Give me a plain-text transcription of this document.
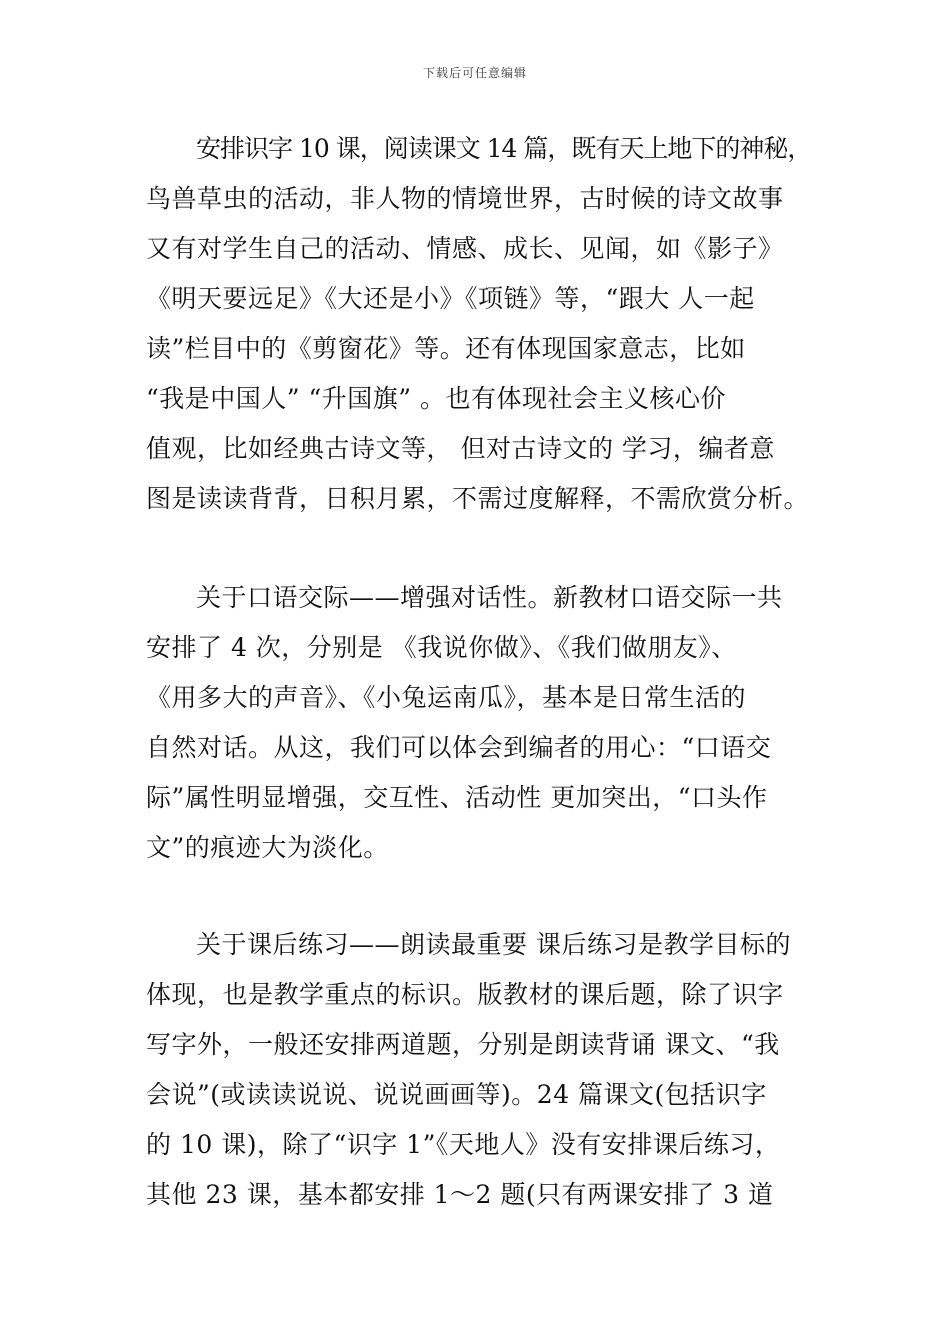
下载后可任意编辑
安排识字 10 课，阅读课文 14 篇，既有天上地下的神秘，
鸟兽草虫的活动，非人物的情境世界，古时候的诗文故事
又有对学生自己的活动、情感、成长、见闻，如《影子》
《明天要远足》《大还是小》《项链》等，“跟大 人一起
读”栏目中的《剪窗花》等。还有体现国家意志，比如
“我是中国人” “升国旗” 。也有体现社会主义核心价
值观，比如经典古诗文等， 但对古诗文的 学习，编者意
图是读读背背，日积月累，不需过度解释，不需欣赏分析。
关于口语交际——增强对话性。新教材口语交际一共
安排了 4 次，分别是 《我说你做》、《我们做朋友》、
《用多大的声音》、《小兔运南瓜》，基本是日常生活的
自然对话。从这，我们可以体会到编者的用心：“口语交
际”属性明显增强，交互性、活动性 更加突出，“口头作
文”的痕迹大为淡化。
关于课后练习——朗读最重要 课后练习是教学目标的
体现，也是教学重点的标识。版教材的课后题，除了识字
写字外，一般还安排两道题，分别是朗读背诵 课文、“我
会说”(或读读说说、说说画画等)。24 篇课文(包括识字
的 10 课)，除了“识字 1”《天地人》没有安排课后练习，
其他 23 课，基本都安排 1～2 题(只有两课安排了 3 道
